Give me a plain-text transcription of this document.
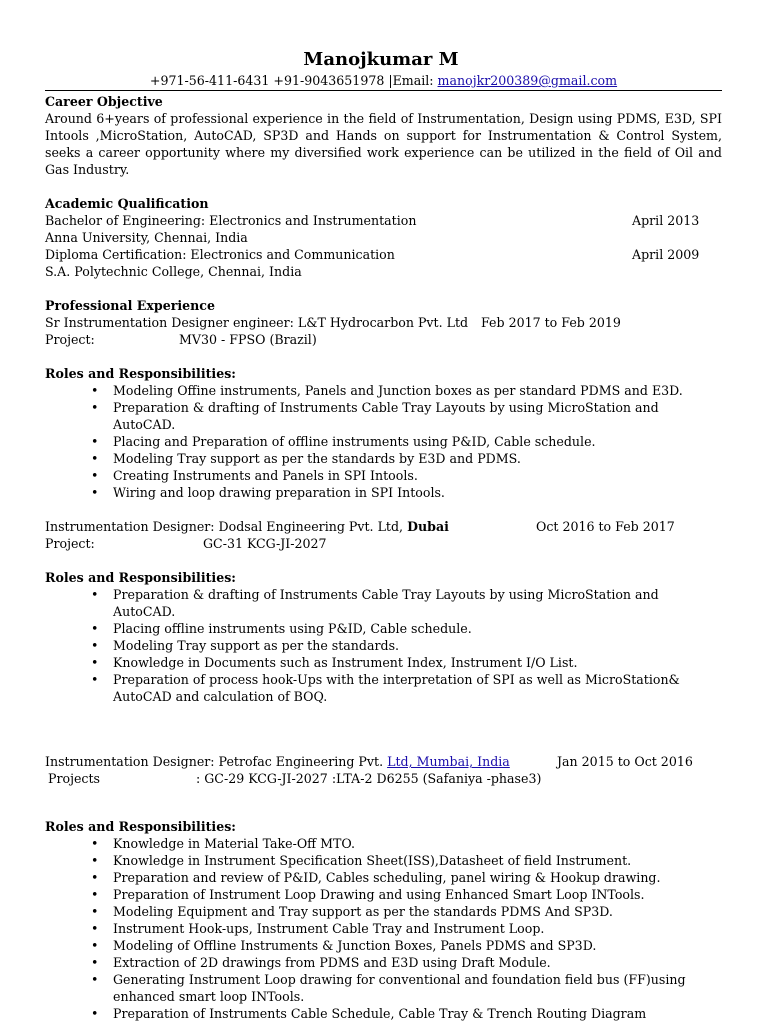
Manojkumar M
+971-56-411-6431 +91-9043651978 |Email: manojkr200389@gmail.com
Career Objective
Around 6+years of professional experience in the field of Instrumentation, Design using PDMS, E3D, SPI Intools ,MicroStation, AutoCAD, SP3D and Hands on support for Instrumentation & Control System, seeks a career opportunity where my diversified work experience can be utilized in the field of Oil and Gas Industry.
Academic Qualification
Bachelor of Engineering: Electronics and Instrumentation	April 2013
Anna University, Chennai, India
Diploma Certification: Electronics and Communication	April 2009
S.A. Polytechnic College, Chennai, India
Professional Experience
Sr Instrumentation Designer engineer: L&T Hydrocarbon Pvt. Ltd	Feb 2017 to Feb 2019
Project:	MV30 - FPSO (Brazil)
Roles and Responsibilities:
• Modeling Offine instruments, Panels and Junction boxes as per standard PDMS and E3D.
• Preparation & drafting of Instruments Cable Tray Layouts by using MicroStation and AutoCAD.
• Placing and Preparation of offline instruments using P&ID, Cable schedule.
• Modeling Tray support as per the standards by E3D and PDMS.
• Creating Instruments and Panels in SPI Intools.
• Wiring and loop drawing preparation in SPI Intools.
Instrumentation Designer: Dodsal Engineering Pvt. Ltd, Dubai	Oct 2016 to Feb 2017
Project:	GC-31 KCG-JI-2027
Roles and Responsibilities:
• Preparation & drafting of Instruments Cable Tray Layouts by using MicroStation and AutoCAD.
• Placing offline instruments using P&ID, Cable schedule.
• Modeling Tray support as per the standards.
• Knowledge in Documents such as Instrument Index, Instrument I/O List.
• Preparation of process hook-Ups with the interpretation of SPI as well as MicroStation& AutoCAD and calculation of BOQ.
Instrumentation Designer: Petrofac Engineering Pvt. Ltd, Mumbai, India	Jan 2015 to Oct 2016
Projects	: GC-29 KCG-JI-2027 :LTA-2 D6255 (Safaniya -phase3)
Roles and Responsibilities:
• Knowledge in Material Take-Off MTO.
• Knowledge in Instrument Specification Sheet(ISS),Datasheet of field Instrument.
• Preparation and review of P&ID, Cables scheduling, panel wiring & Hookup drawing.
• Preparation of Instrument Loop Drawing and using Enhanced Smart Loop INTools.
• Modeling Equipment and Tray support as per the standards PDMS And SP3D.
• Instrument Hook-ups, Instrument Cable Tray and Instrument Loop.
• Modeling of Offline Instruments & Junction Boxes, Panels PDMS and SP3D.
• Extraction of 2D drawings from PDMS and E3D using Draft Module.
• Generating Instrument Loop drawing for conventional and foundation field bus (FF)using enhanced smart loop INTools.
• Preparation of Instruments Cable Schedule, Cable Tray & Trench Routing Diagram
